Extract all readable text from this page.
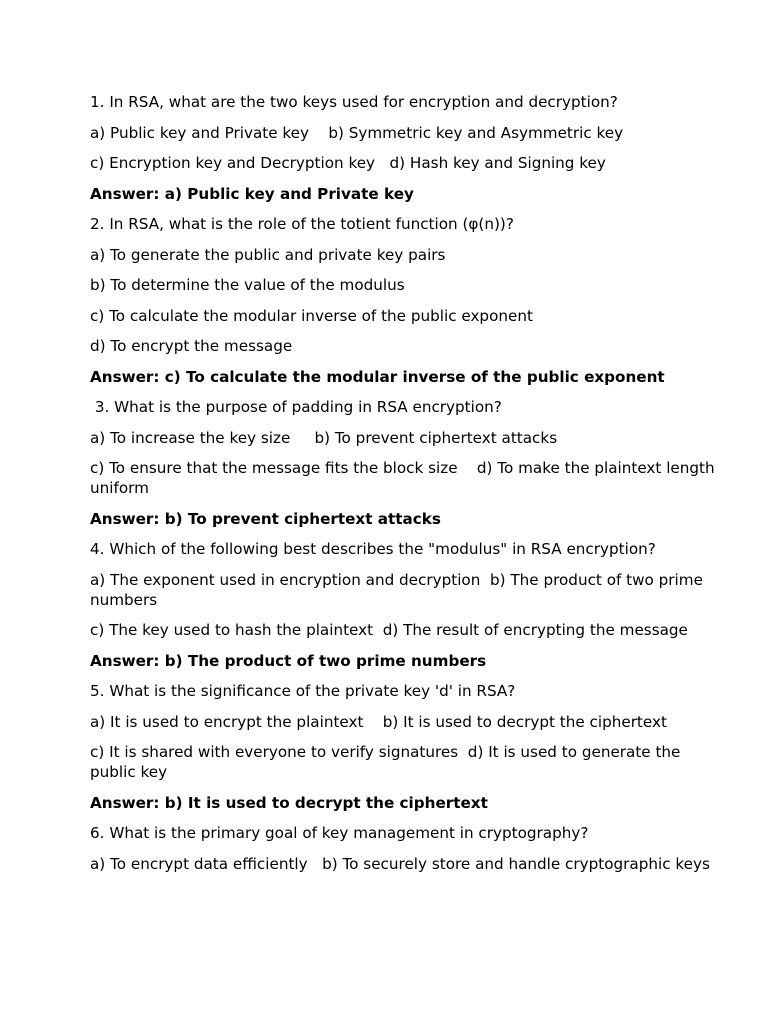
1. In RSA, what are the two keys used for encryption and decryption?
a) Public key and Private key    b) Symmetric key and Asymmetric key
c) Encryption key and Decryption key   d) Hash key and Signing key
Answer: a) Public key and Private key
2. In RSA, what is the role of the totient function (φ(n))?
a) To generate the public and private key pairs
b) To determine the value of the modulus
c) To calculate the modular inverse of the public exponent
d) To encrypt the message
Answer: c) To calculate the modular inverse of the public exponent
3. What is the purpose of padding in RSA encryption?
a) To increase the key size     b) To prevent ciphertext attacks
c) To ensure that the message fits the block size    d) To make the plaintext length uniform
Answer: b) To prevent ciphertext attacks
4. Which of the following best describes the "modulus" in RSA encryption?
a) The exponent used in encryption and decryption  b) The product of two prime numbers
c) The key used to hash the plaintext  d) The result of encrypting the message
Answer: b) The product of two prime numbers
5. What is the significance of the private key 'd' in RSA?
a) It is used to encrypt the plaintext    b) It is used to decrypt the ciphertext
c) It is shared with everyone to verify signatures  d) It is used to generate the public key
Answer: b) It is used to decrypt the ciphertext
6. What is the primary goal of key management in cryptography?
a) To encrypt data efficiently   b) To securely store and handle cryptographic keys
